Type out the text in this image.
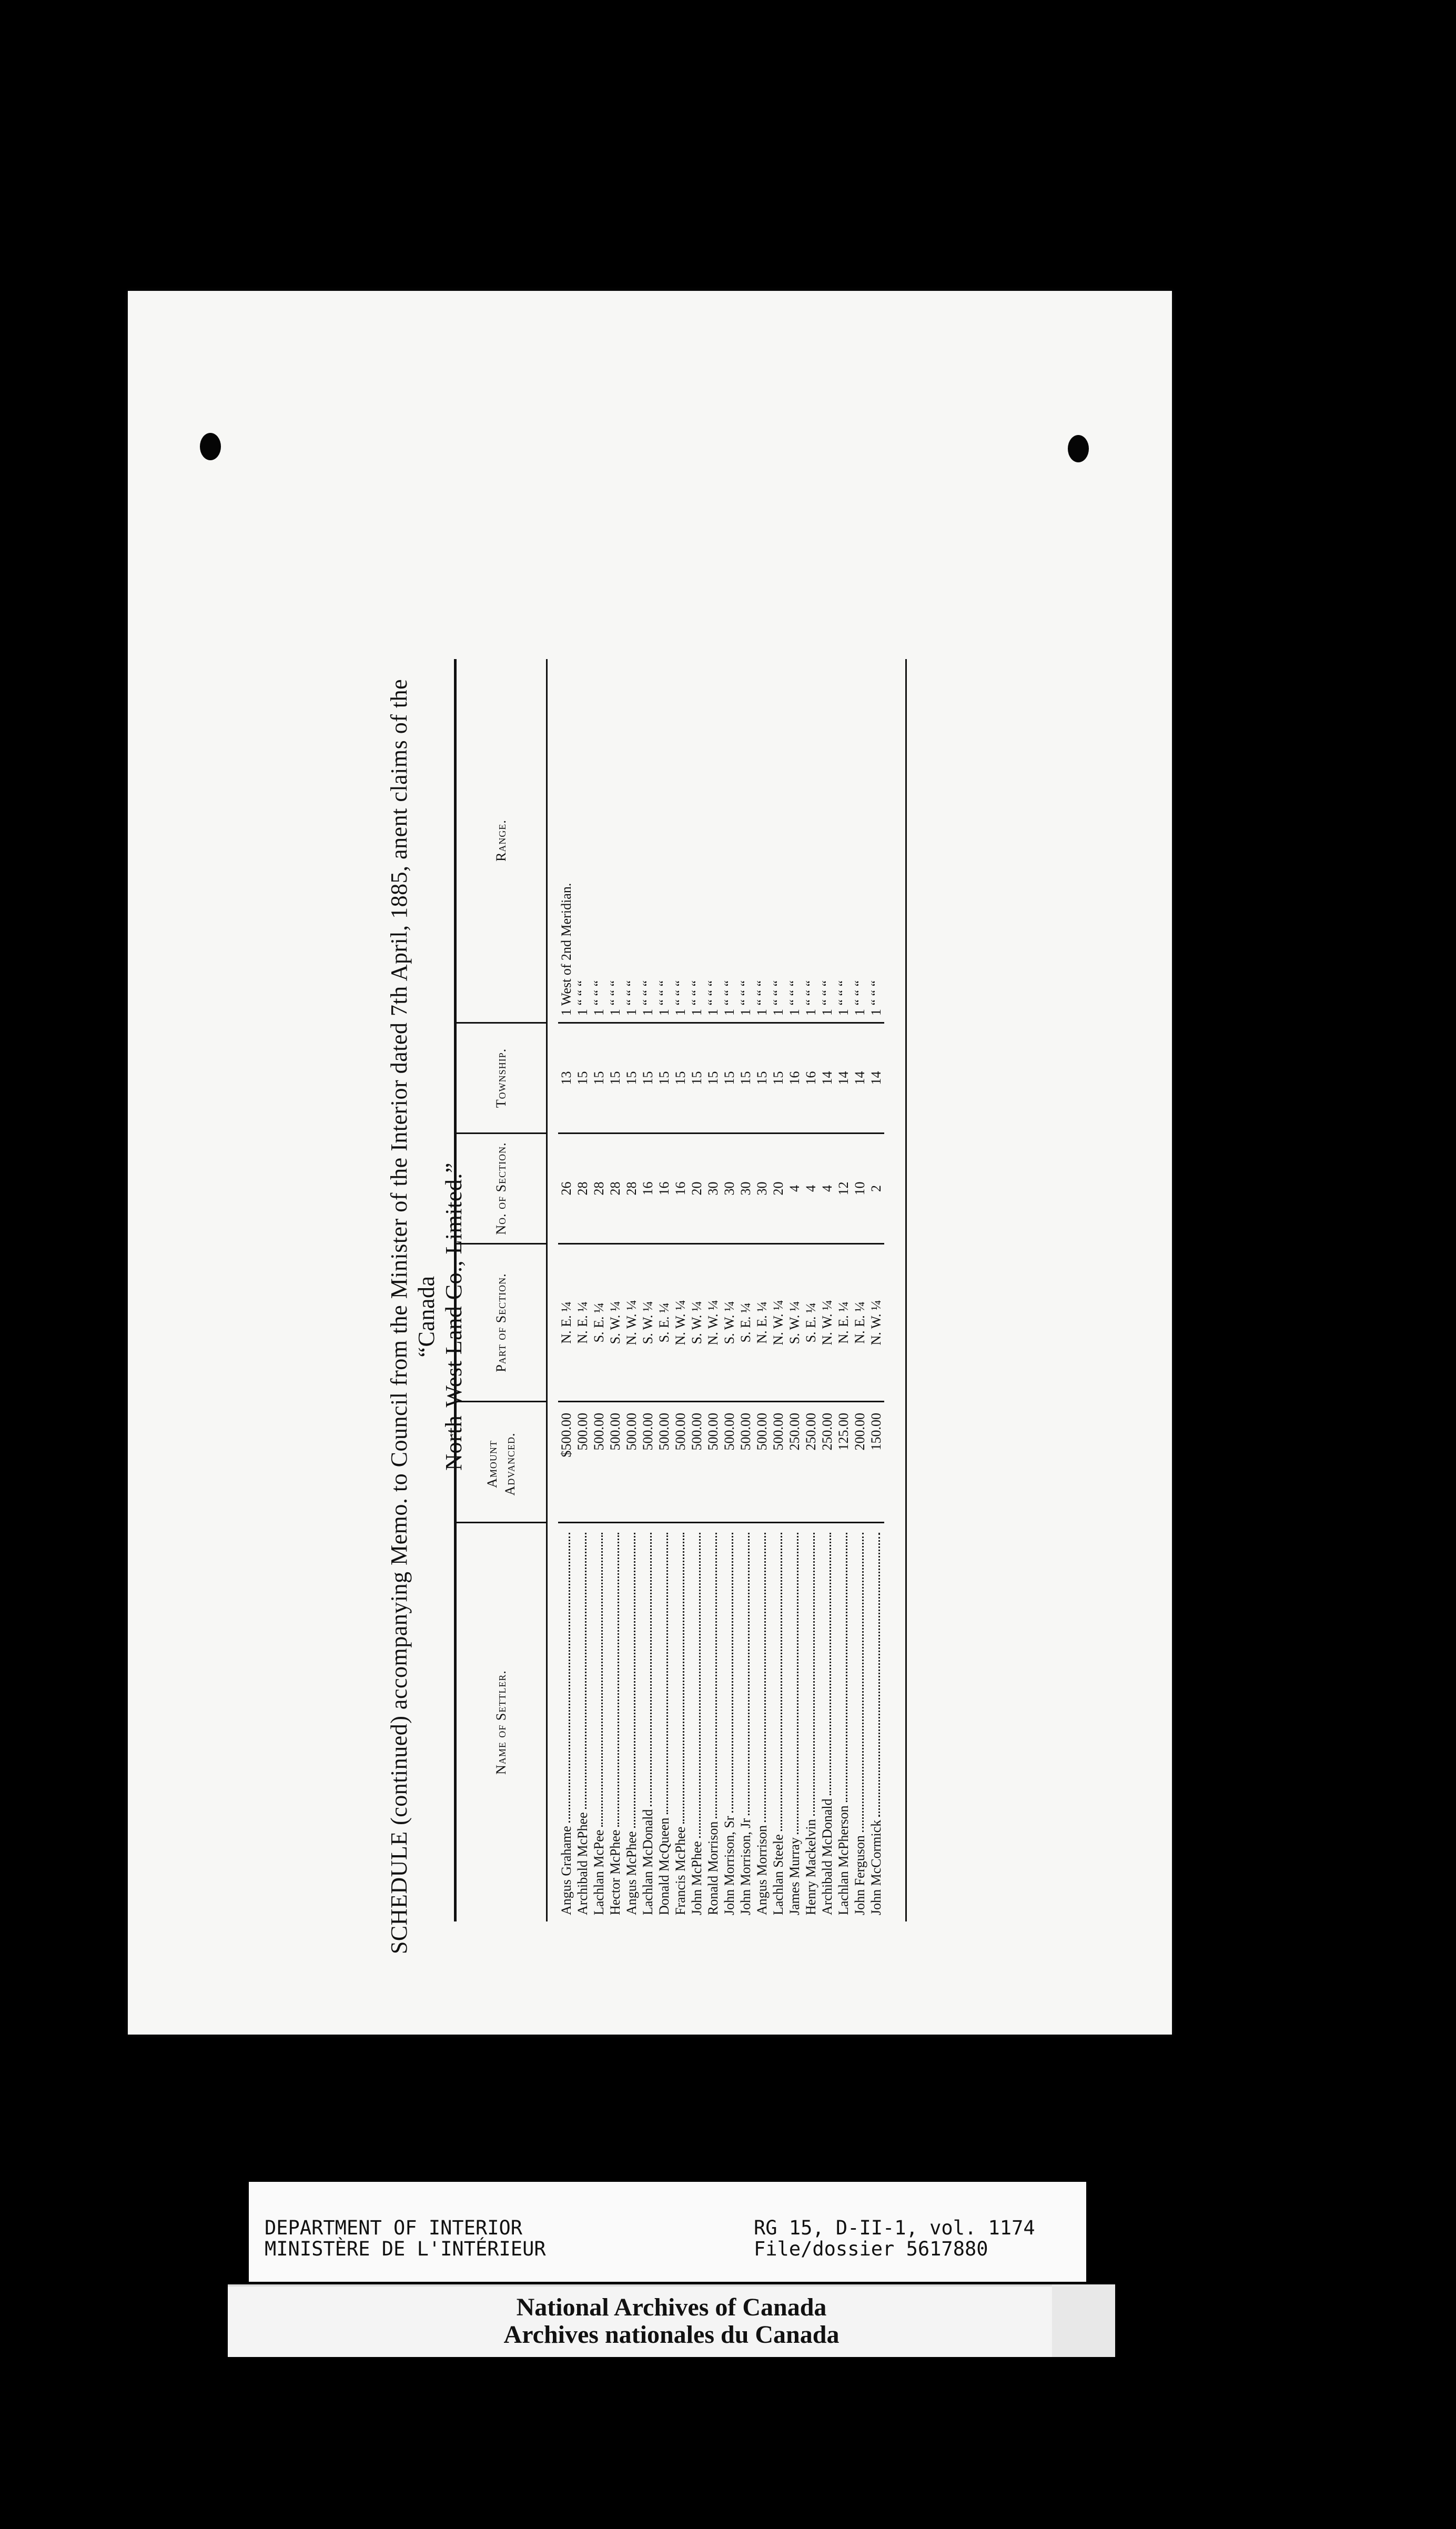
SCHEDULE (continued) accompanying Memo. to Council from the Minister of the Interior dated 7th April, 1885, anent claims of the “Canada North-West Land Co., Limited.”
Name of Settler.
Amount Advanced.
Part of Section.
No. of Section.
Township.
Range.
Angus Grahame
$500.00
N. E. ¼
26
13
1 West of 2nd Meridian.
Archibald McPhee
500.00
N. E. ¼
28
15
1 “ “ “
Lachlan McPee
500.00
S. E. ¼
28
15
1 “ “ “
Hector McPhee
500.00
S. W. ¼
28
15
1 “ “ “
Angus McPhee
500.00
N. W. ¼
28
15
1 “ “ “
Lachlan McDonald
500.00
S. W. ¼
16
15
1 “ “ “
Donald McQueen
500.00
S. E. ¼
16
15
1 “ “ “
Francis McPhee
500.00
N. W. ¼
16
15
1 “ “ “
John McPhee
500.00
S. W. ¼
20
15
1 “ “ “
Ronald Morrison
500.00
N. W. ¼
30
15
1 “ “ “
John Morrison, Sr
500.00
S. W. ¼
30
15
1 “ “ “
John Morrison, Jr
500.00
S. E. ¼
30
15
1 “ “ “
Angus Morrison
500.00
N. E. ¼
30
15
1 “ “ “
Lachlan Steele
500.00
N. W. ¼
20
15
1 “ “ “
James Murray
250.00
S. W. ¼
4
16
1 “ “ “
Henry Mackelvin
250.00
S. E. ¼
4
16
1 “ “ “
Archibald McDonald
250.00
N. W. ¼
4
14
1 “ “ “
Lachlan McPherson
125.00
N. E. ¼
12
14
1 “ “ “
John Ferguson
200.00
N. E. ¼
10
14
1 “ “ “
John McCormick
150.00
N. W. ¼
2
14
1 “ “ “
DEPARTMENT OF INTERIOR
MINISTÈRE DE L'INTÉRIEUR
RG 15, D-II-1, vol. 1174
File/dossier 5617880
National Archives of Canada
Archives nationales du Canada
